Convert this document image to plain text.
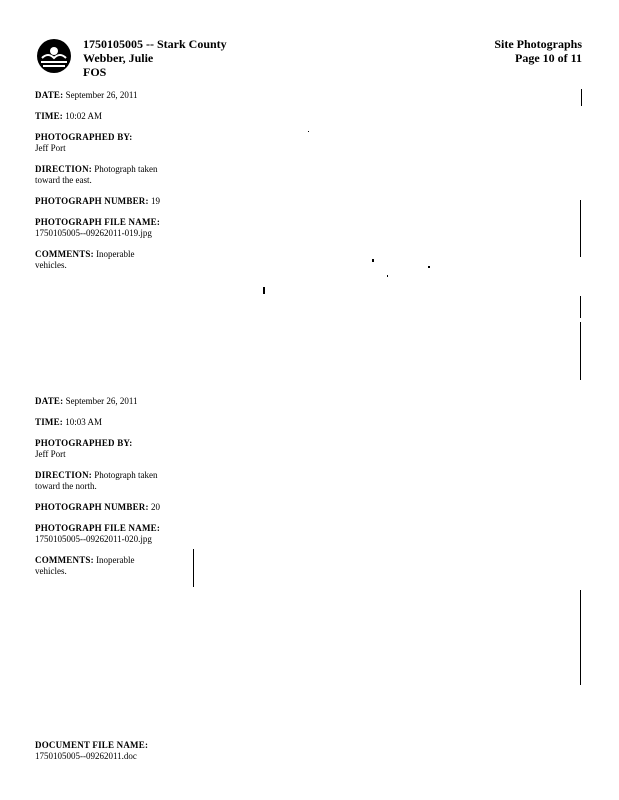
1750105005 -- Stark County
Webber, Julie
FOS
Site Photographs
Page 10 of 11
DATE: September 26, 2011
TIME: 10:02 AM
PHOTOGRAPHED BY:
Jeff Port
DIRECTION: Photograph taken
toward the east.
PHOTOGRAPH NUMBER: 19
PHOTOGRAPH FILE NAME:
1750105005--09262011-019.jpg
COMMENTS: Inoperable
vehicles.
DATE: September 26, 2011
TIME: 10:03 AM
PHOTOGRAPHED BY:
Jeff Port
DIRECTION: Photograph taken
toward the north.
PHOTOGRAPH NUMBER: 20
PHOTOGRAPH FILE NAME:
1750105005--09262011-020.jpg
COMMENTS: Inoperable
vehicles.
DOCUMENT FILE NAME:
1750105005--09262011.doc
